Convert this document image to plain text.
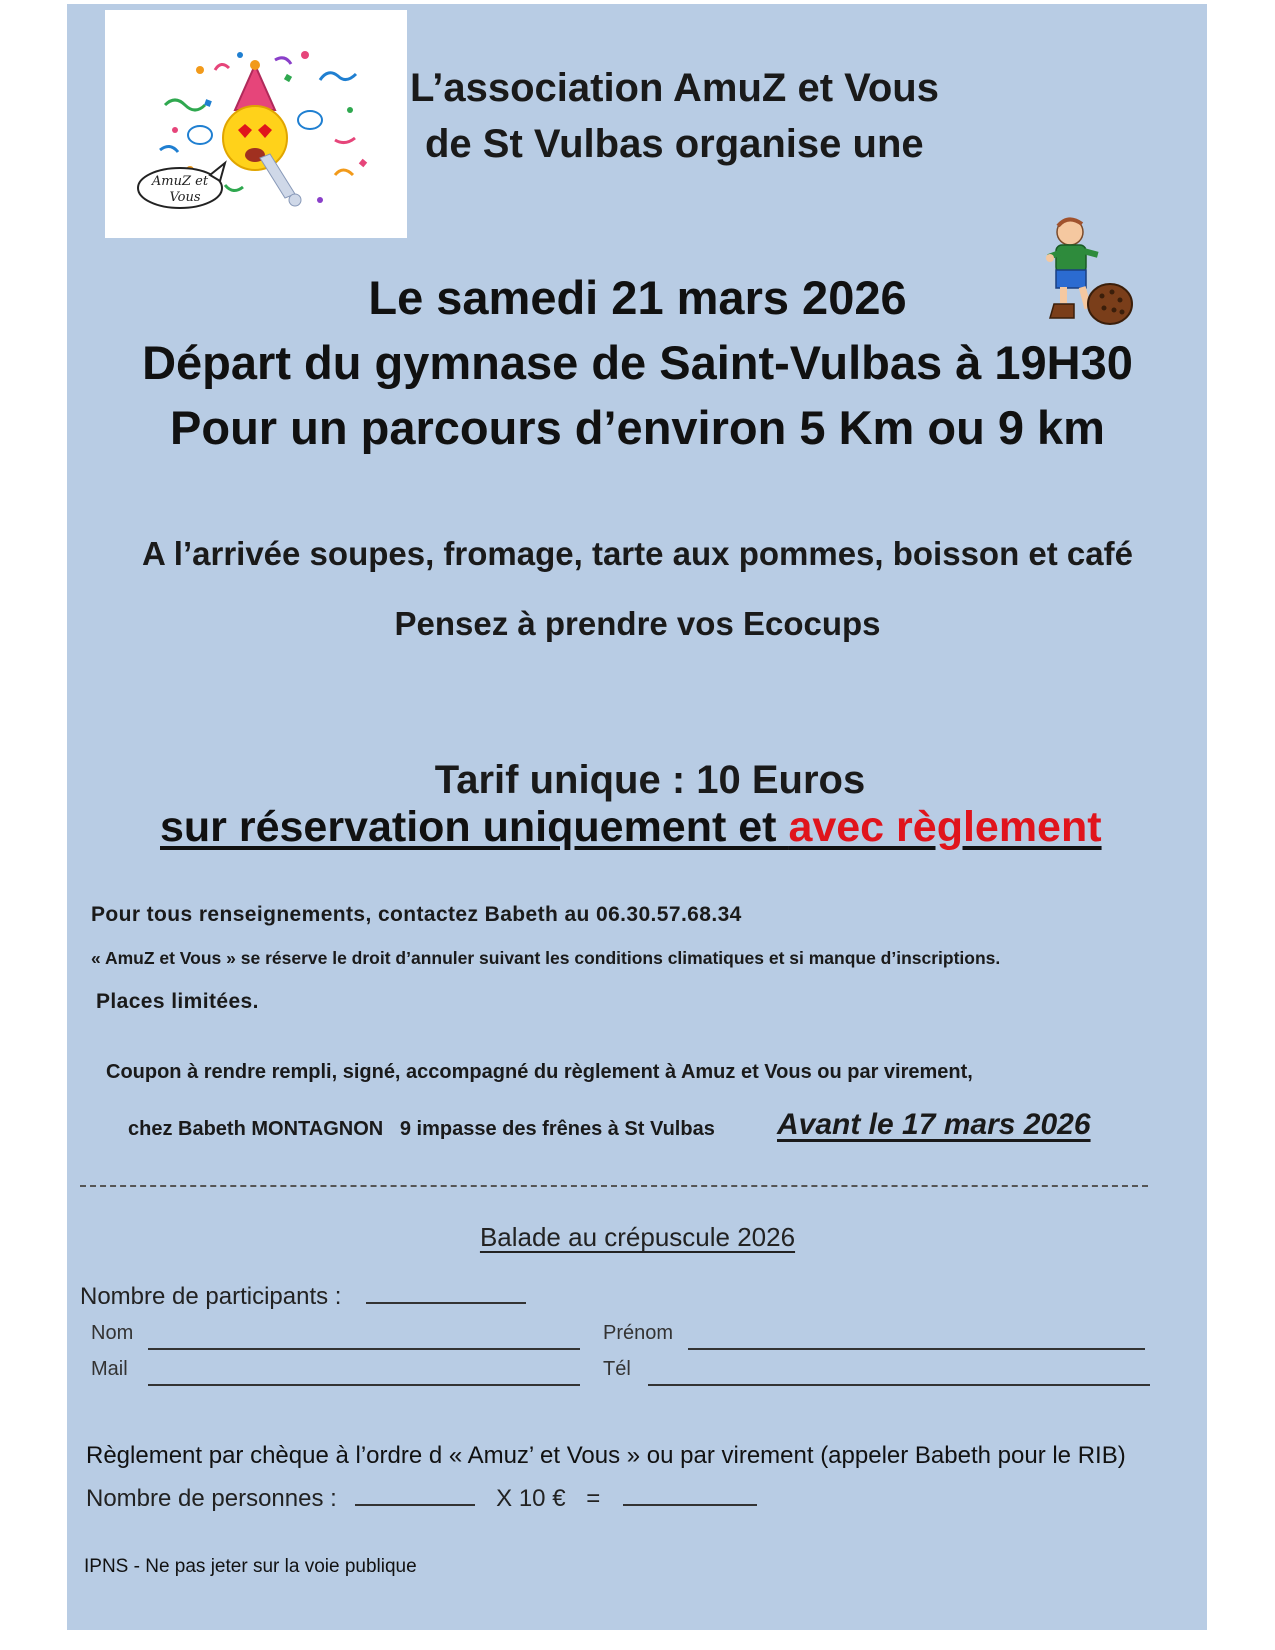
AmuZ et
Vous
L’association AmuZ et Vous
de St Vulbas organise une
Le samedi 21 mars 2026
Départ du gymnase de Saint-Vulbas à 19H30
Pour un parcours d’environ 5 Km ou 9 km
A l’arrivée soupes, fromage, tarte aux pommes, boisson et café
Pensez à prendre vos Ecocups
Tarif unique : 10 Euros
sur réservation uniquement et avec règlement
Pour tous renseignements, contactez Babeth au 06.30.57.68.34
« AmuZ et Vous » se réserve le droit d’annuler suivant les conditions climatiques et si manque d’inscriptions.
Places limitées.
Coupon à rendre rempli, signé, accompagné du règlement à Amuz et Vous ou par virement,
chez Babeth MONTAGNON   9 impasse des frênes à St Vulbas Avant le 17 mars 2026
Balade au crépuscule 2026
Nombre de participants :
Nom	Prénom
Mail	Tél
Règlement par chèque à l’ordre d « Amuz’ et Vous » ou par virement (appeler Babeth pour le RIB)
Nombre de personnes :	X 10 € =
IPNS - Ne pas jeter sur la voie publique
